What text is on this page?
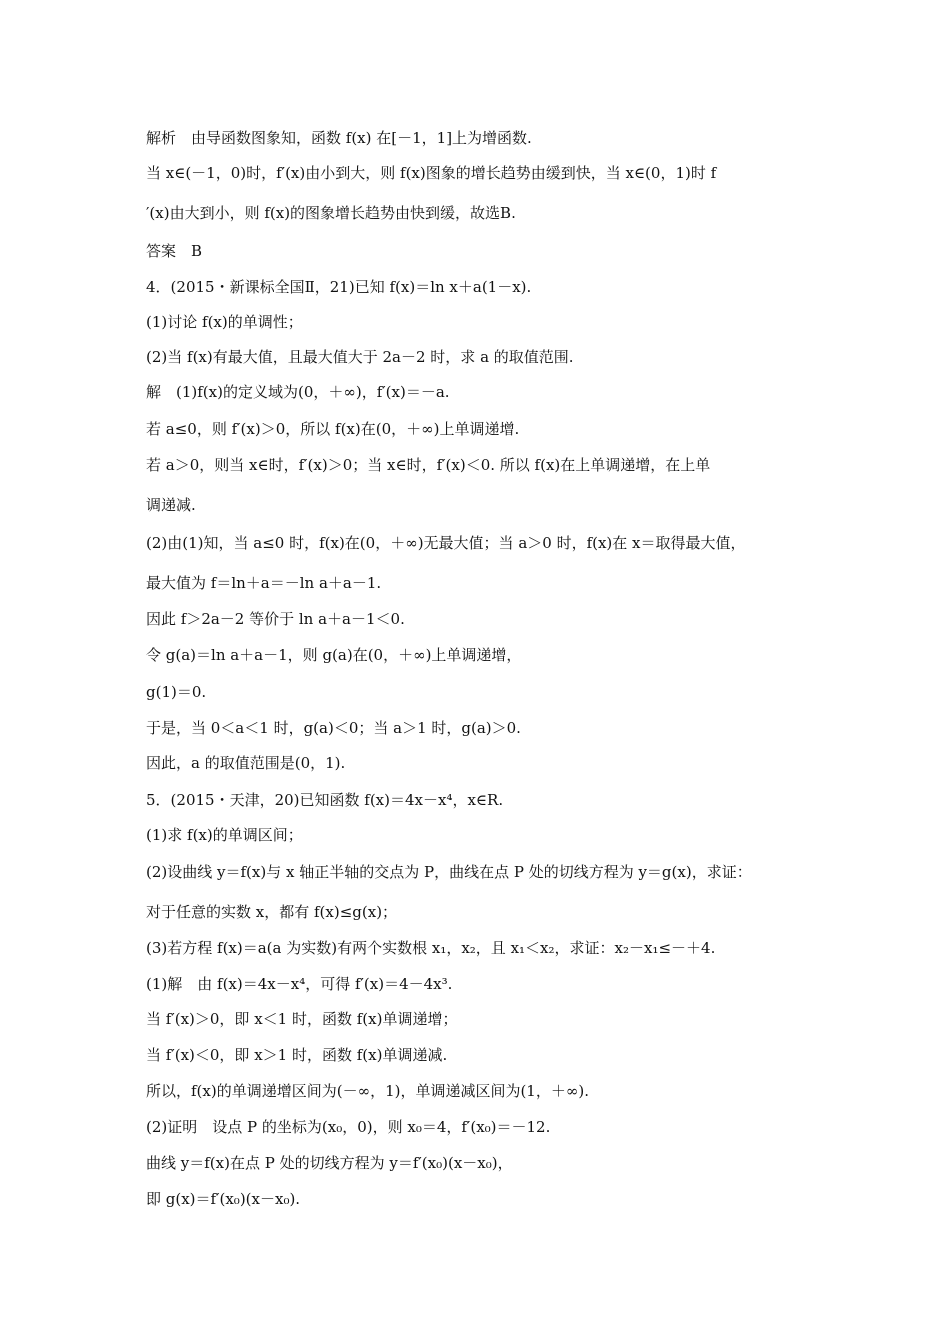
解析　由导函数图象知，函数 f(x) 在[－1，1]上为增函数.
当 x∈(－1，0)时，f′(x)由小到大，则 f(x)图象的增长趋势由缓到快，当 x∈(0，1)时 f
′(x)由大到小，则 f(x)的图象增长趋势由快到缓，故选B.
答案　B
4．(2015・新课标全国Ⅱ，21)已知 f(x)＝ln x＋a(1－x).
(1)讨论 f(x)的单调性；
(2)当 f(x)有最大值，且最大值大于 2a－2 时，求 a 的取值范围.
解　(1)f(x)的定义域为(0，＋∞)，f′(x)＝－a.
若 a≤0，则 f′(x)＞0，所以 f(x)在(0，＋∞)上单调递增.
若 a＞0，则当 x∈时，f′(x)＞0；当 x∈时，f′(x)＜0. 所以 f(x)在上单调递增，在上单
调递减.
(2)由(1)知，当 a≤0 时，f(x)在(0，＋∞)无最大值；当 a＞0 时，f(x)在 x＝取得最大值，
最大值为 f＝ln＋a＝－ln a＋a－1.
因此 f＞2a－2 等价于 ln a＋a－1＜0.
令 g(a)＝ln a＋a－1，则 g(a)在(0，＋∞)上单调递增，
g(1)＝0.
于是，当 0＜a＜1 时，g(a)＜0；当 a＞1 时，g(a)＞0.
因此，a 的取值范围是(0，1).
5．(2015・天津，20)已知函数 f(x)＝4x－x⁴，x∈R.
(1)求 f(x)的单调区间；
(2)设曲线 y＝f(x)与 x 轴正半轴的交点为 P，曲线在点 P 处的切线方程为 y＝g(x)，求证：
对于任意的实数 x，都有 f(x)≤g(x)；
(3)若方程 f(x)＝a(a 为实数)有两个实数根 x₁，x₂，且 x₁＜x₂，求证：x₂－x₁≤－＋4.
(1)解　由 f(x)＝4x－x⁴，可得 f′(x)＝4－4x³.
当 f′(x)＞0，即 x＜1 时，函数 f(x)单调递增；
当 f′(x)＜0，即 x＞1 时，函数 f(x)单调递减.
所以，f(x)的单调递增区间为(－∞，1)，单调递减区间为(1，＋∞).
(2)证明　设点 P 的坐标为(x₀，0)，则 x₀＝4，f′(x₀)＝－12.
曲线 y＝f(x)在点 P 处的切线方程为 y＝f′(x₀)(x－x₀)，
即 g(x)＝f′(x₀)(x－x₀).
